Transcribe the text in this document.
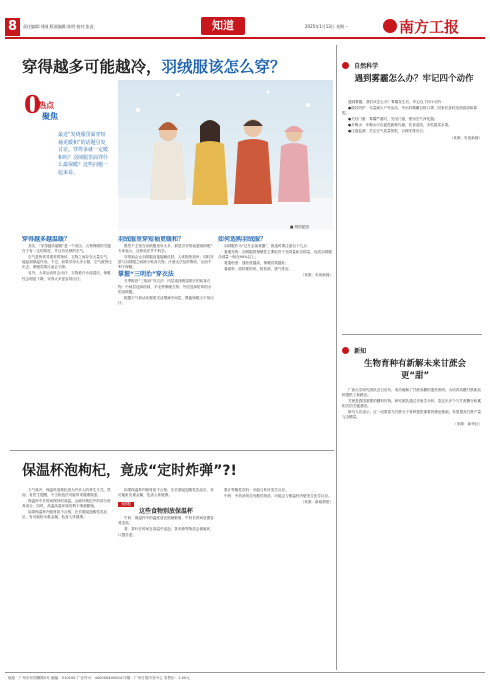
8	责任编辑:刘刚 版面编辑:张明 校对:张虎	知道	2025年1月13日 星期一	南方工报
穿得越多可能越冷，羽绒服该怎么穿？
0
热点
聚焦
最近“发烧服里面穿短袖更暖和”的话题引发讨论。穿得多就一定暖和吗？羽绒服里面穿什么最保暖？这些问题一起来看。
■ 网络配图
穿得越多越温暖？

其实，“穿得越多越暖”是一个误区。衣物保暖的关键在于有一定的厚度，并且有足够的空气。

空气是热传导很差的物体，衣物之间存在大量空气，能起到保温作用。不过，如果穿得太多太紧，空气被挤压出去，保暖效果反而会下降。

另外，人体运动时会出汗，衣物被汗水浸湿后，保暖性会明显下降，穿得太多更容易出汗。

羽绒服里穿短袖更暖和？

既然不主张在羽绒服里穿太多，那是否穿短袖更暖和呢？专家表示，这种说法并不科学。

穿短袖会让羽绒服直接接触皮肤，人体散热加快；同时皮肤与羽绒服之间缺少贴身衣物，汗液无法及时吸收，反而不利于保暖。

掌握“三明治”穿衣法

冬季推荐“三明治”穿衣法：内层选择吸湿排汗的贴身衣物；中间层选择抓绒、羊毛等保暖衣物；外层选择防风防水的羽绒服。

根据天气和活动强度灵活增减中间层，既能保暖又不易出汗。

如何选购羽绒服？

羽绒服作为“过冬必备神器”，挑选时要注意以下几点：

看填充物：羽绒服的保暖性主要取决于充绒量和含绒量，优质羽绒服含绒量一般在90%以上。

看蓬松度：蓬松度越高，保暖效果越好。

看面料：面料要防风、防钻绒、透气性好。

（来源：央视新闻）

保温杯泡枸杞，竟成“定时炸弹”?!

天气寒冷，保温杯泡枸杞成为许多人的养生方式。然而，有医生提醒，不当的泡法可能带来健康隐患。

保温杯中长时间保持的高温，会破坏枸杞中的部分营养成分，同时，高温高湿环境有利于细菌繁殖。

如果保温杯内壁材质不合格，在长期浸泡酸性饮品后，有可能析出重金属，危害人体健康。

如果保温杯内壁材质不合格，在长期浸泡酸性饮品后，有可能析出重金属，危害人体健康。

提醒
这些食物别放保温杯

牛奶：保温杯中的温度适宜细菌繁殖，牛奶长时间放置容易变质。

茶：茶叶长时间在高温中浸泡，茶多酚等物质会被破坏，口感苦涩。

果汁等酸性饮料：可能与杯体发生反应。

中药：中药汤剂含有酸性物质，可能会与保温杯内壁发生化学反应。

（来源：新闻晨报）

自然科学
遇到雾霾怎么办？牢记四个动作

遇到雾霾，我们该怎么办？雾霾发生后，牢记以下四个动作：

●做好防护：尽量减少户外活动，外出时佩戴合格口罩，回家后及时清洗面部和鼻腔。

●关好门窗：雾霾严重时，关闭门窗，使用空气净化器。

●多喝水：多喝水可以促进新陈代谢，饮食清淡，多吃蔬菜水果。

●注意监测：关注空气质量预报，合理安排出行。

（来源：央视新闻）

新知
生物育种有新解未来甘蔗会更“甜”

广西大学研究团队近日宣布，成功破解了甘蔗高糖的遗传密码，为培育高糖甘蔗新品种提供了新路径。

甘蔗是我国重要的糖料作物。研究团队通过多组学分析，鉴定出多个与甘蔗糖分积累相关的关键基因。

研究人员表示，这一成果将为甘蔗分子育种提供重要的理论基础，有望提高甘蔗产量与含糖量。

（来源：新华社）

地址：广州市东园横路5号 邮编：510100 广告许可：440000400004 印刷：广州日报印务中心 零售价：1.00元
